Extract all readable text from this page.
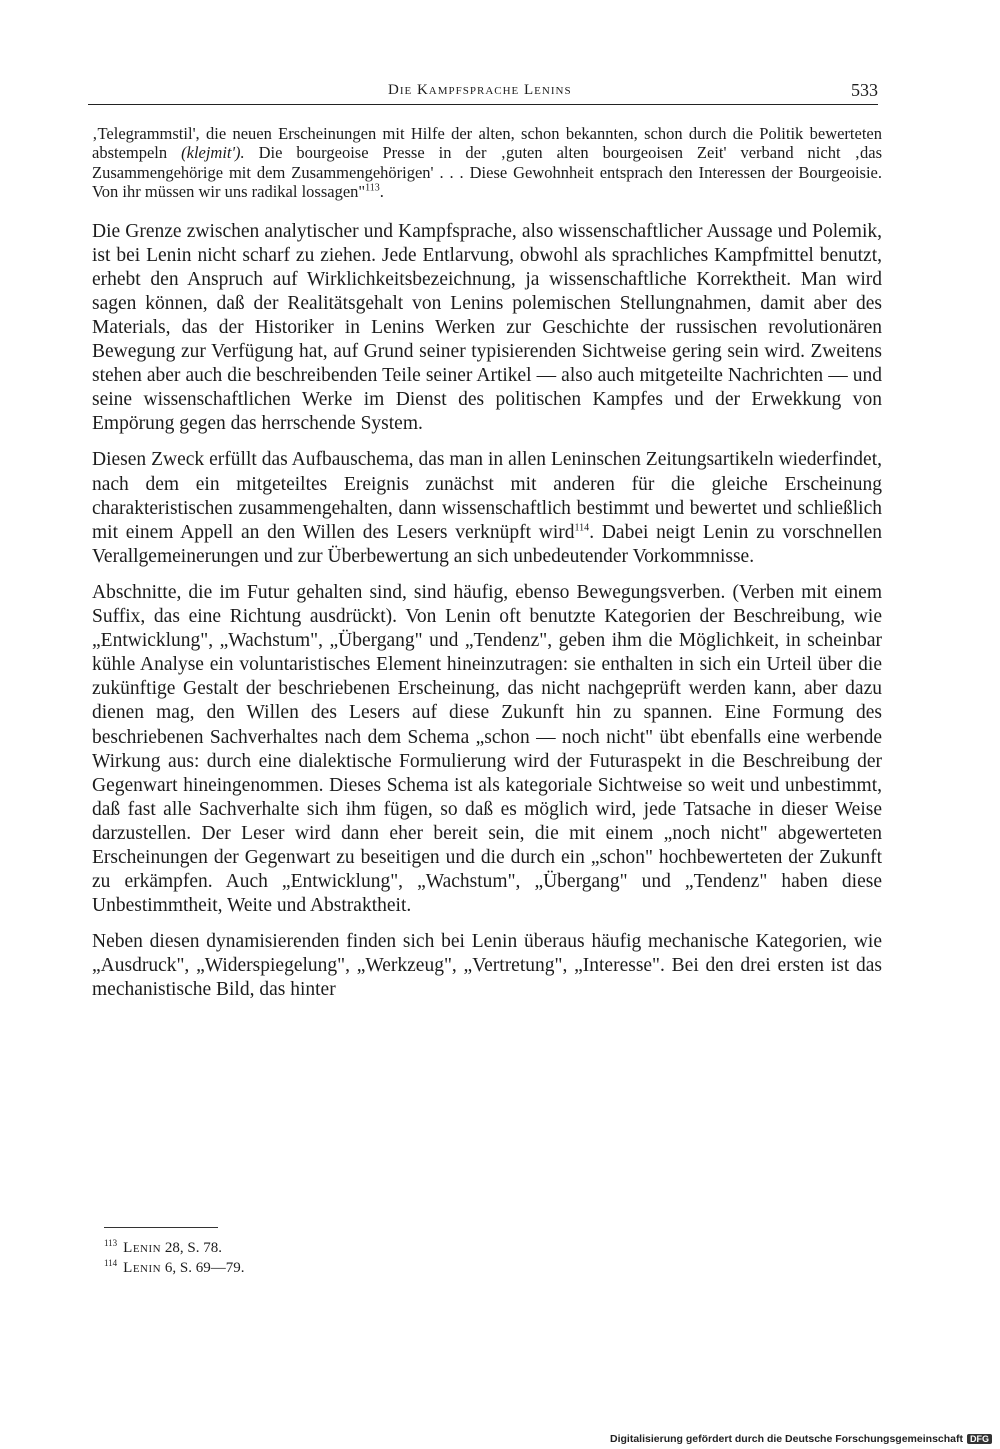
Die Kampfsprache Lenins	533

‚Telegrammstil', die neuen Erscheinungen mit Hilfe der alten, schon bekannten, schon durch die Politik bewerteten abstempeln (klejmit'). Die bourgeoise Presse in der ‚guten alten bourgeoisen Zeit' verband nicht ‚das Zusammengehörige mit dem Zusammengehörigen' . . . Diese Gewohnheit entsprach den Interessen der Bourgeoisie. Von ihr müssen wir uns radikal lossagen"$^{113}$.

Die Grenze zwischen analytischer und Kampfsprache, also wissenschaftlicher Aussage und Polemik, ist bei Lenin nicht scharf zu ziehen. Jede Entlarvung, obwohl als sprachliches Kampfmittel benutzt, erhebt den Anspruch auf Wirklichkeitsbezeichnung, ja wissenschaftliche Korrektheit. Man wird sagen können, daß der Realitätsgehalt von Lenins polemischen Stellungnahmen, damit aber des Materials, das der Historiker in Lenins Werken zur Geschichte der russischen revolutionären Bewegung zur Verfügung hat, auf Grund seiner typisierenden Sichtweise gering sein wird. Zweitens stehen aber auch die beschreibenden Teile seiner Artikel — also auch mitgeteilte Nachrichten — und seine wissenschaftlichen Werke im Dienst des politischen Kampfes und der Erwekkung von Empörung gegen das herrschende System.

Diesen Zweck erfüllt das Aufbauschema, das man in allen Leninschen Zeitungsartikeln wiederfindet, nach dem ein mitgeteiltes Ereignis zunächst mit anderen für die gleiche Erscheinung charakteristischen zusammengehalten, dann wissenschaftlich bestimmt und bewertet und schließlich mit einem Appell an den Willen des Lesers verknüpft wird$^{114}$. Dabei neigt Lenin zu vorschnellen Verallgemeinerungen und zur Überbewertung an sich unbedeutender Vorkommnisse.

Abschnitte, die im Futur gehalten sind, sind häufig, ebenso Bewegungsverben. (Verben mit einem Suffix, das eine Richtung ausdrückt). Von Lenin oft benutzte Kategorien der Beschreibung, wie „Entwicklung", „Wachstum", „Übergang" und „Tendenz", geben ihm die Möglichkeit, in scheinbar kühle Analyse ein voluntaristisches Element hineinzutragen: sie enthalten in sich ein Urteil über die zukünftige Gestalt der beschriebenen Erscheinung, das nicht nachgeprüft werden kann, aber dazu dienen mag, den Willen des Lesers auf diese Zukunft hin zu spannen. Eine Formung des beschriebenen Sachverhaltes nach dem Schema „schon — noch nicht" übt ebenfalls eine werbende Wirkung aus: durch eine dialektische Formulierung wird der Futuraspekt in die Beschreibung der Gegenwart hineingenommen. Dieses Schema ist als kategoriale Sichtweise so weit und unbestimmt, daß fast alle Sachverhalte sich ihm fügen, so daß es möglich wird, jede Tatsache in dieser Weise darzustellen. Der Leser wird dann eher bereit sein, die mit einem „noch nicht" abgewerteten Erscheinungen der Gegenwart zu beseitigen und die durch ein „schon" hochbewerteten der Zukunft zu erkämpfen. Auch „Entwicklung", „Wachstum", „Übergang" und „Tendenz" haben diese Unbestimmtheit, Weite und Abstraktheit.

Neben diesen dynamisierenden finden sich bei Lenin überaus häufig mechanische Kategorien, wie „Ausdruck", „Widerspiegelung", „Werkzeug", „Vertretung", „Interesse". Bei den drei ersten ist das mechanistische Bild, das hinter

$^{113}$ Lenin 28, S. 78.
$^{114}$ Lenin 6, S. 69—79.
Digitalisierung gefördert durch die Deutsche Forschungsgemeinschaft DFG
